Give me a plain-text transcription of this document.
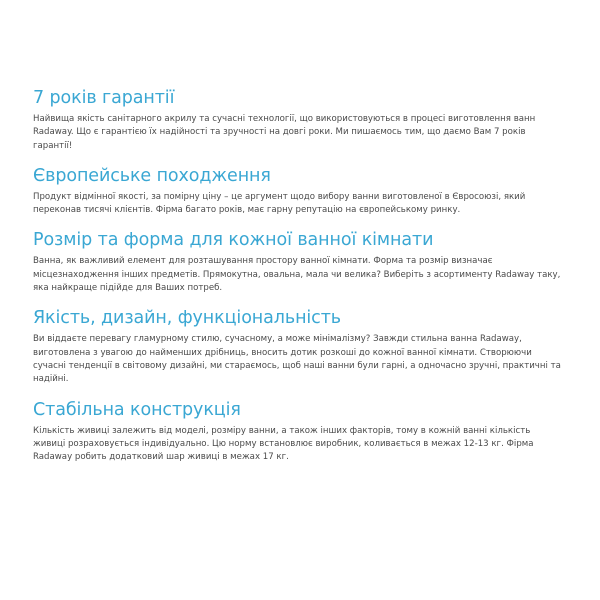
7 років гарантії

Найвища якість санітарного акрилу та сучасні технології, що використовуються в процесі виготовлення ванн Radaway. Що є гарантією їх надійності та зручності на довгі роки. Ми пишаємось тим, що даємо Вам 7 років гарантії!

Європейське походження

Продукт відмінної якості, за помірну ціну – це аргумент щодо вибору ванни виготовленої в Євросоюзі, який переконав тисячі клієнтів. Фірма багато років, має гарну репутацію на європейському ринку.

Розмір та форма для кожної ванної кімнати

Ванна, як важливий елемент для розташування простору ванної кімнати. Форма та розмір визначає місцезнаходження інших предметів. Прямокутна, овальна, мала чи велика? Виберіть з асортименту Radaway таку, яка найкраще підійде для Ваших потреб.

Якість, дизайн, функціональність

Ви віддаєте перевагу гламурному стилю, сучасному, а може мінімалізму? Завжди стильна ванна Radaway, виготовлена з увагою до найменших дрібниць, вносить дотик розкоші до кожної ванної кімнати. Створюючи сучасні тенденції в світовому дизайні, ми стараємось, щоб наші ванни були гарні, а одночасно зручні, практичні та надійні.

Стабільна конструкція

Кількість живиці залежить від моделі, розміру ванни, а також інших факторів, тому в кожній ванні кількість живиці розраховується індивідуально. Цю норму встановлює виробник, коливається в межах 12-13 кг. Фірма Radaway робить додатковий шар живиці в межах 17 кг.
